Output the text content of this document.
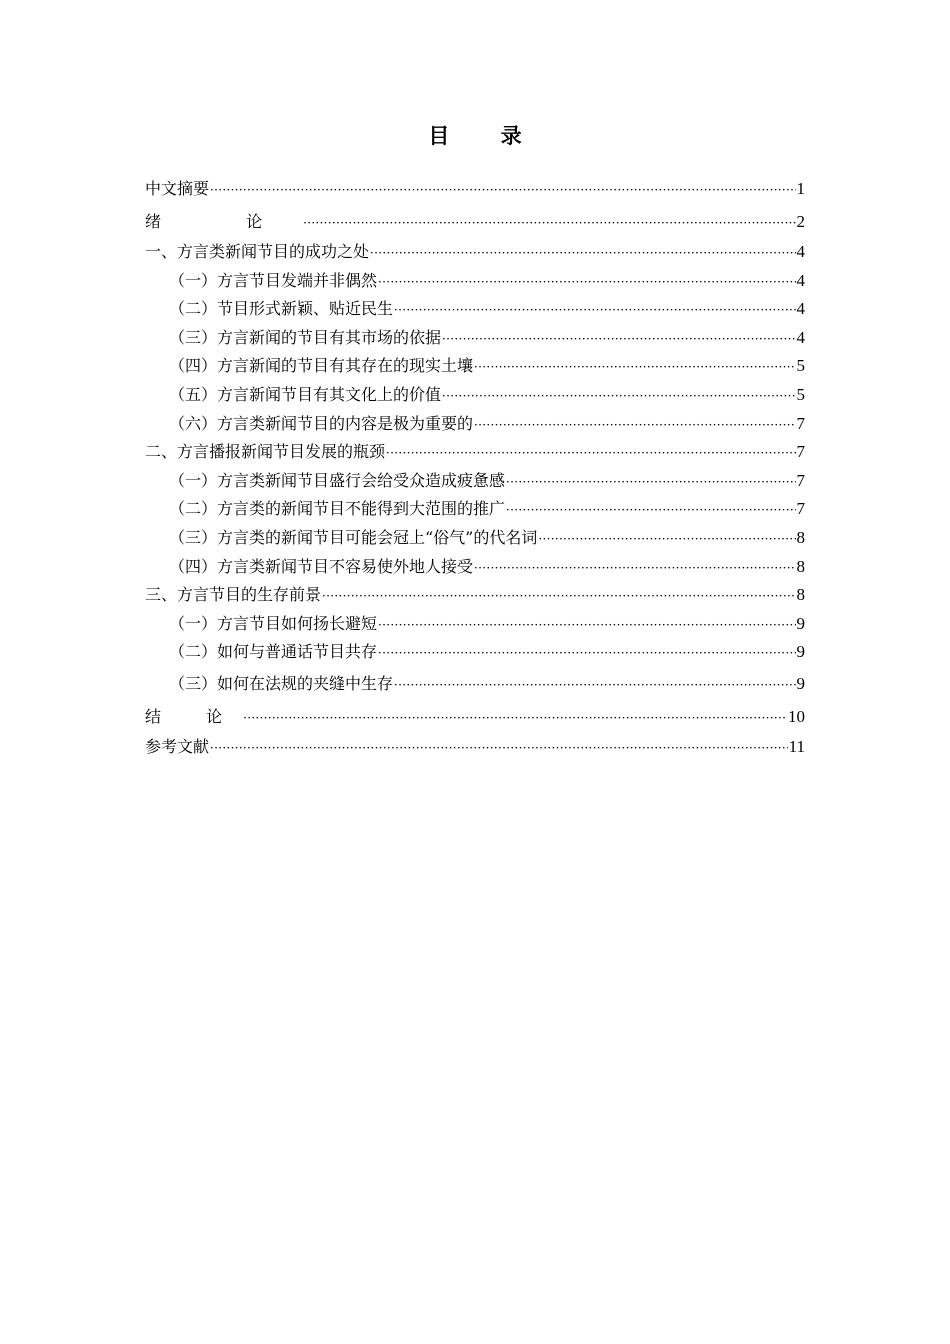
目 录
中文摘要 ·····	1
绪 论 ·····	2
一、方言类新闻节目的成功之处 ·····	4
（一）方言节目发端并非偶然 ·····	4
（二）节目形式新颖、贴近民生 ·····	4
（三）方言新闻的节目有其市场的依据 ·····	4
（四）方言新闻的节目有其存在的现实土壤 ·····	5
（五）方言新闻节目有其文化上的价值 ·····	5
（六）方言类新闻节目的内容是极为重要的 ·····	7
二、方言播报新闻节目发展的瓶颈 ·····	7
（一）方言类新闻节目盛行会给受众造成疲惫感 ·····	7
（二）方言类的新闻节目不能得到大范围的推广 ·····	7
（三）方言类的新闻节目可能会冠上“俗气”的代名词 ·····	8
（四）方言类新闻节目不容易使外地人接受 ·····	8
三、方言节目的生存前景 ·····	8
（一）方言节目如何扬长避短 ·····	9
（二）如何与普通话节目共存 ·····	9
（三）如何在法规的夹缝中生存 ·····	9
结 论 ·····	10
参考文献 ·····	11
